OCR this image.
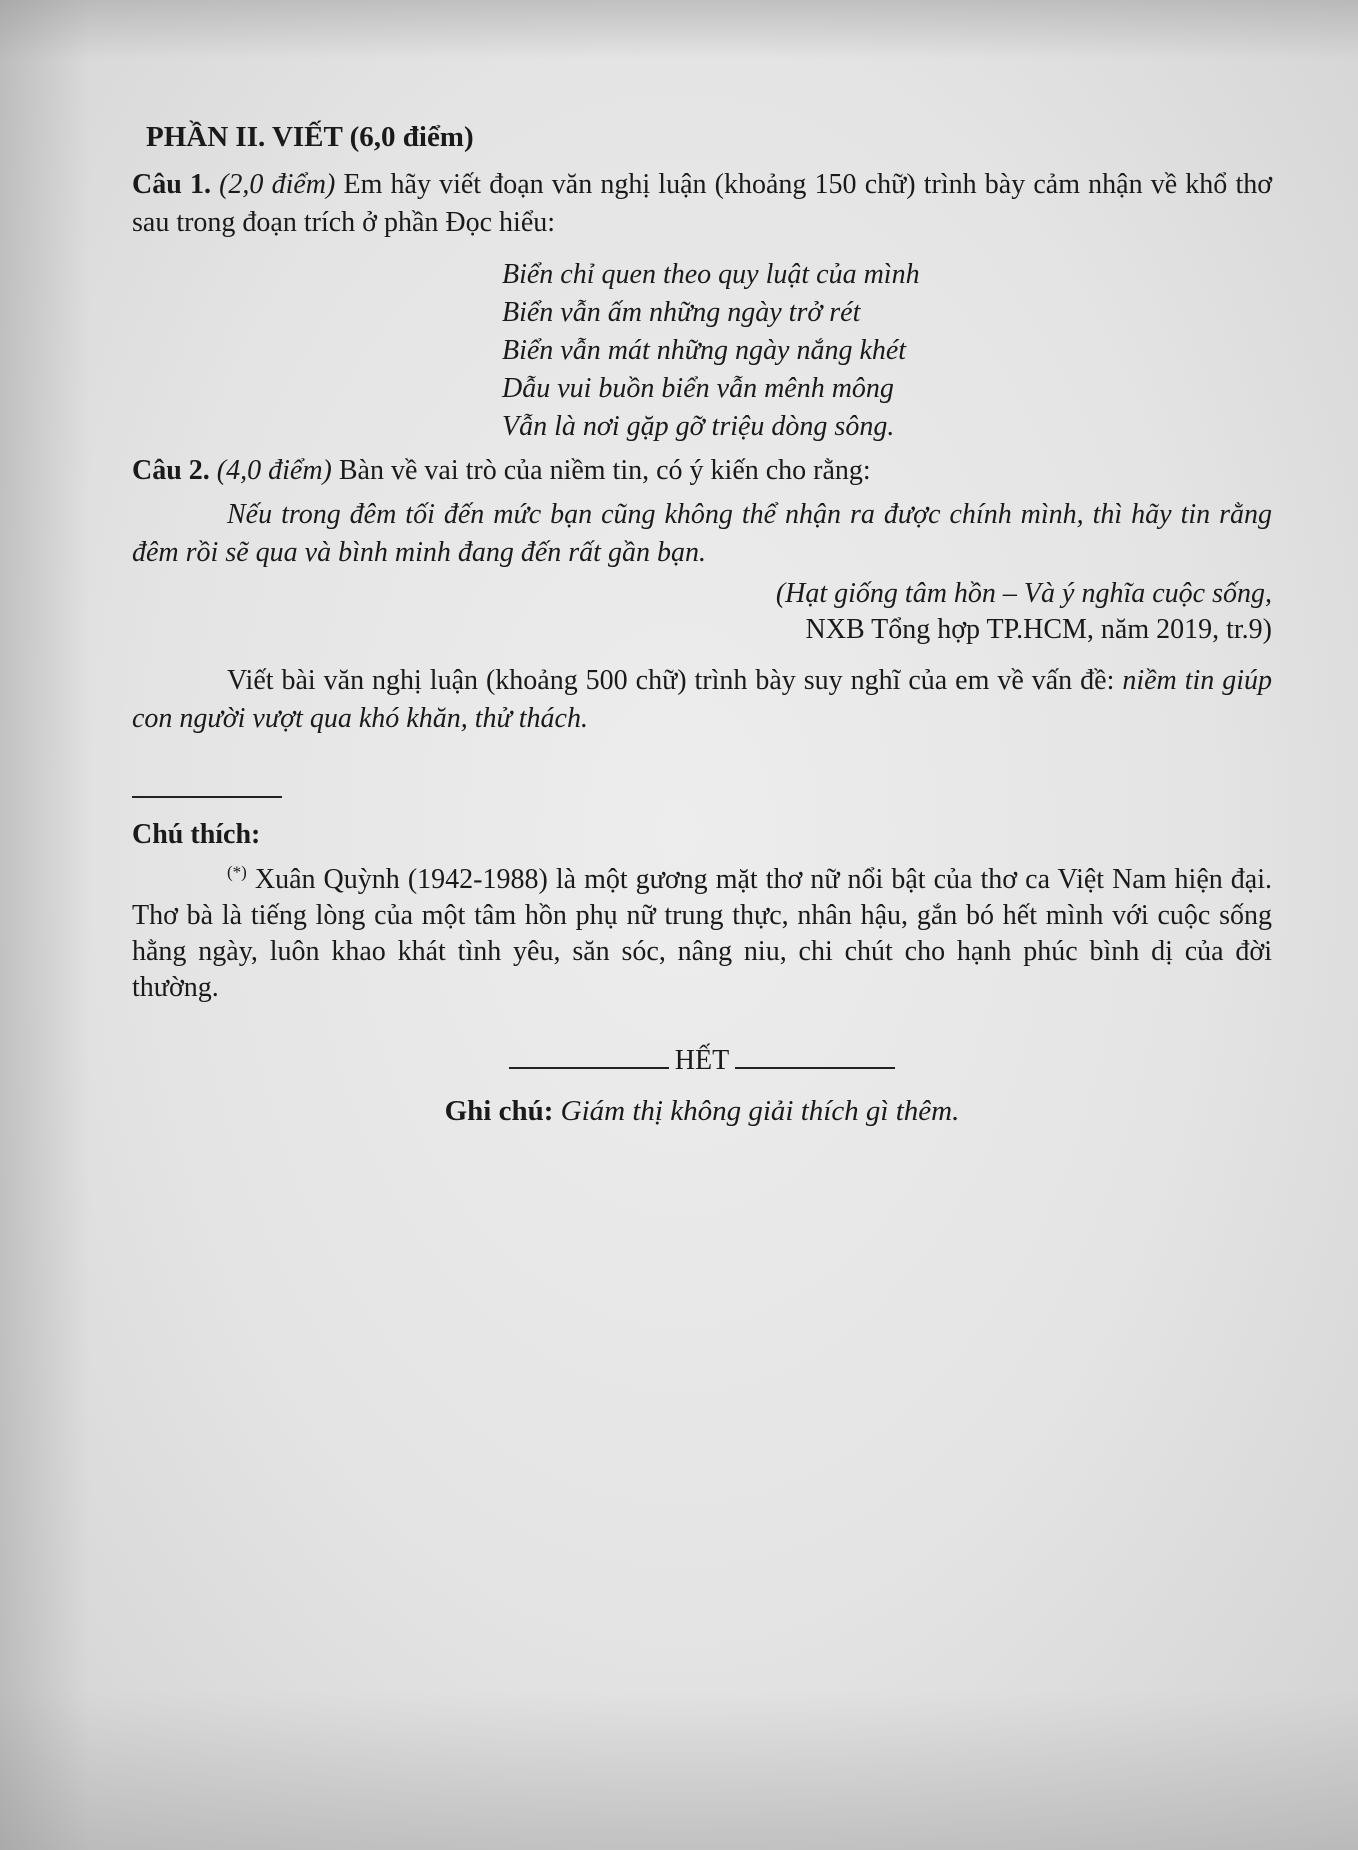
PHẦN II. VIẾT (6,0 điểm)

Câu 1. (2,0 điểm) Em hãy viết đoạn văn nghị luận (khoảng 150 chữ) trình bày cảm nhận về khổ thơ sau trong đoạn trích ở phần Đọc hiểu:

Biển chỉ quen theo quy luật của mình
Biển vẫn ấm những ngày trở rét
Biển vẫn mát những ngày nắng khét
Dẫu vui buồn biển vẫn mênh mông
Vẫn là nơi gặp gỡ triệu dòng sông.

Câu 2. (4,0 điểm) Bàn về vai trò của niềm tin, có ý kiến cho rằng:

Nếu trong đêm tối đến mức bạn cũng không thể nhận ra được chính mình, thì hãy tin rằng đêm rồi sẽ qua và bình minh đang đến rất gần bạn.

(Hạt giống tâm hồn – Và ý nghĩa cuộc sống,
NXB Tổng hợp TP.HCM, năm 2019, tr.9)

Viết bài văn nghị luận (khoảng 500 chữ) trình bày suy nghĩ của em về vấn đề: niềm tin giúp con người vượt qua khó khăn, thử thách.

Chú thích:

(*) Xuân Quỳnh (1942-1988) là một gương mặt thơ nữ nổi bật của thơ ca Việt Nam hiện đại. Thơ bà là tiếng lòng của một tâm hồn phụ nữ trung thực, nhân hậu, gắn bó hết mình với cuộc sống hằng ngày, luôn khao khát tình yêu, săn sóc, nâng niu, chi chút cho hạnh phúc bình dị của đời thường.

HẾT
Ghi chú: Giám thị không giải thích gì thêm.
